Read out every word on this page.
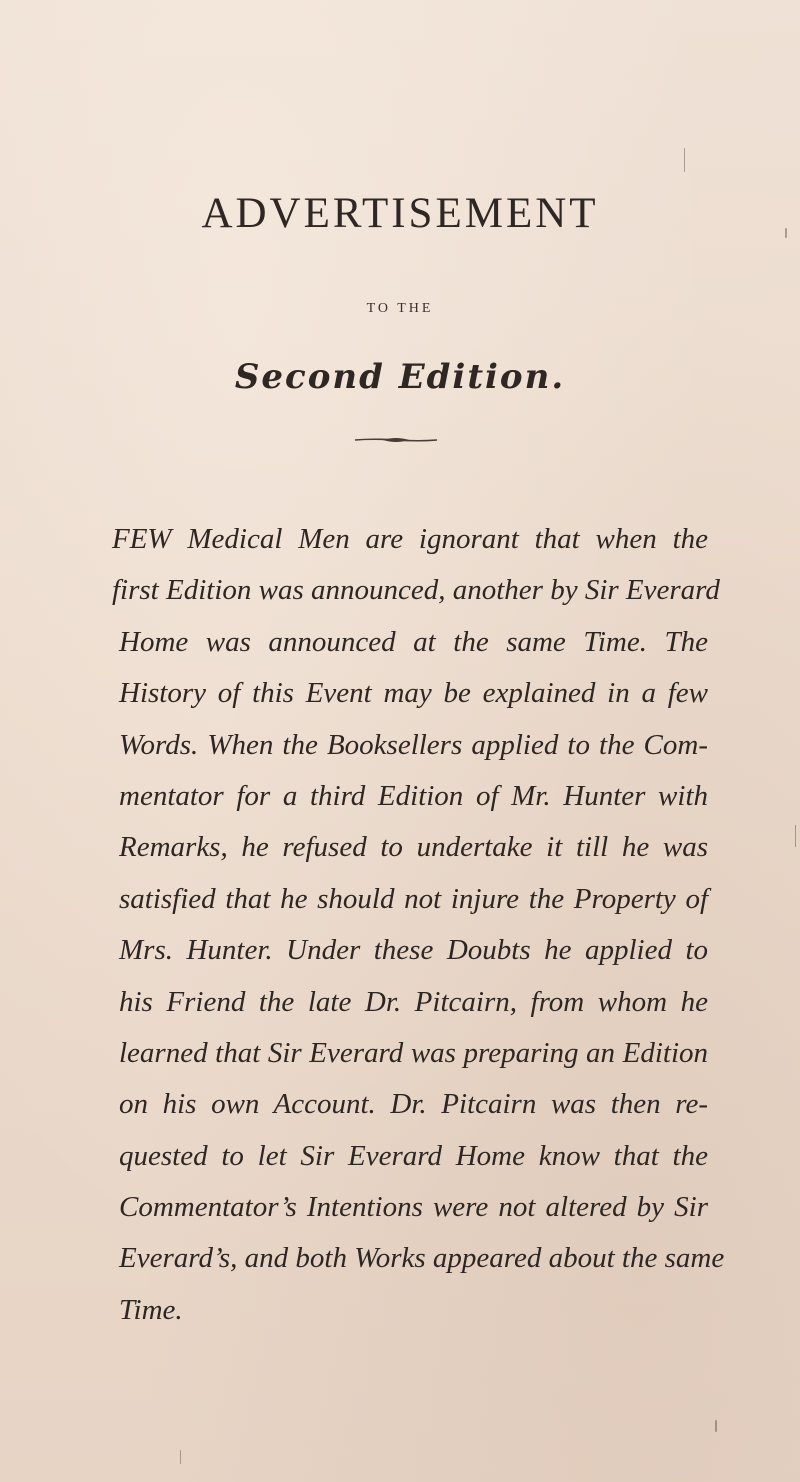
ADVERTISEMENT
TO THE
Second Edition.
FEW Medical Men are ignorant that when the
first Edition was announced, another by Sir Everard
Home was announced at the same Time. The
History of this Event may be explained in a few
Words. When the Booksellers applied to the Com-
mentator for a third Edition of Mr. Hunter with
Remarks, he refused to undertake it till he was
satisfied that he should not injure the Property of
Mrs. Hunter. Under these Doubts he applied to
his Friend the late Dr. Pitcairn, from whom he
learned that Sir Everard was preparing an Edition
on his own Account. Dr. Pitcairn was then re-
quested to let Sir Everard Home know that the
Commentator’s Intentions were not altered by Sir
Everard’s, and both Works appeared about the same
Time.
